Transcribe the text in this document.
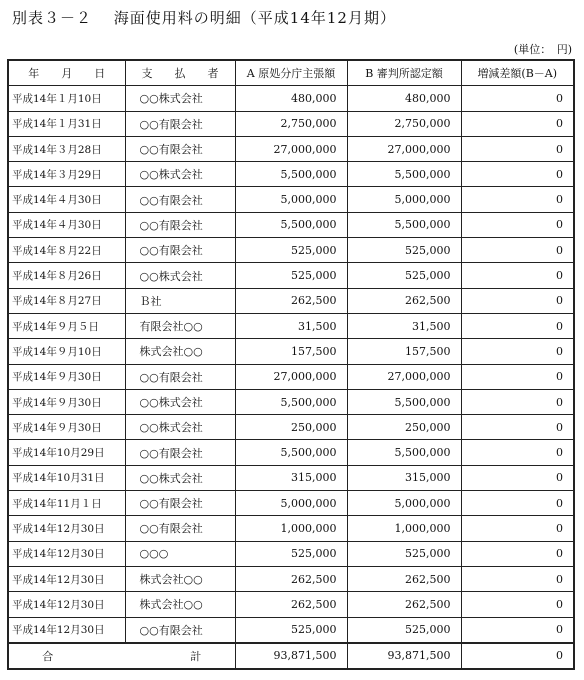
別表３－２　 海面使用料の明細（平成14年12月期）
(単位：　円)
年　　月　　日	支　　払　　者	A 原処分庁主張額	B 審判所認定額	増減差額(B－A)
平成14年１月10日	○○株式会社	480,000	480,000	0
平成14年１月31日	○○有限会社	2,750,000	2,750,000	0
平成14年３月28日	○○有限会社	27,000,000	27,000,000	0
平成14年３月29日	○○株式会社	5,500,000	5,500,000	0
平成14年４月30日	○○有限会社	5,000,000	5,000,000	0
平成14年４月30日	○○有限会社	5,500,000	5,500,000	0
平成14年８月22日	○○有限会社	525,000	525,000	0
平成14年８月26日	○○株式会社	525,000	525,000	0
平成14年８月27日	Ｂ社	262,500	262,500	0
平成14年９月５日	有限会社○○	31,500	31,500	0
平成14年９月10日	株式会社○○	157,500	157,500	0
平成14年９月30日	○○有限会社	27,000,000	27,000,000	0
平成14年９月30日	○○株式会社	5,500,000	5,500,000	0
平成14年９月30日	○○株式会社	250,000	250,000	0
平成14年10月29日	○○有限会社	5,500,000	5,500,000	0
平成14年10月31日	○○株式会社	315,000	315,000	0
平成14年11月１日	○○有限会社	5,000,000	5,000,000	0
平成14年12月30日	○○有限会社	1,000,000	1,000,000	0
平成14年12月30日	○○○	525,000	525,000	0
平成14年12月30日	株式会社○○	262,500	262,500	0
平成14年12月30日	株式会社○○	262,500	262,500	0
平成14年12月30日	○○有限会社	525,000	525,000	0
合 計		93,871,500	93,871,500	0
